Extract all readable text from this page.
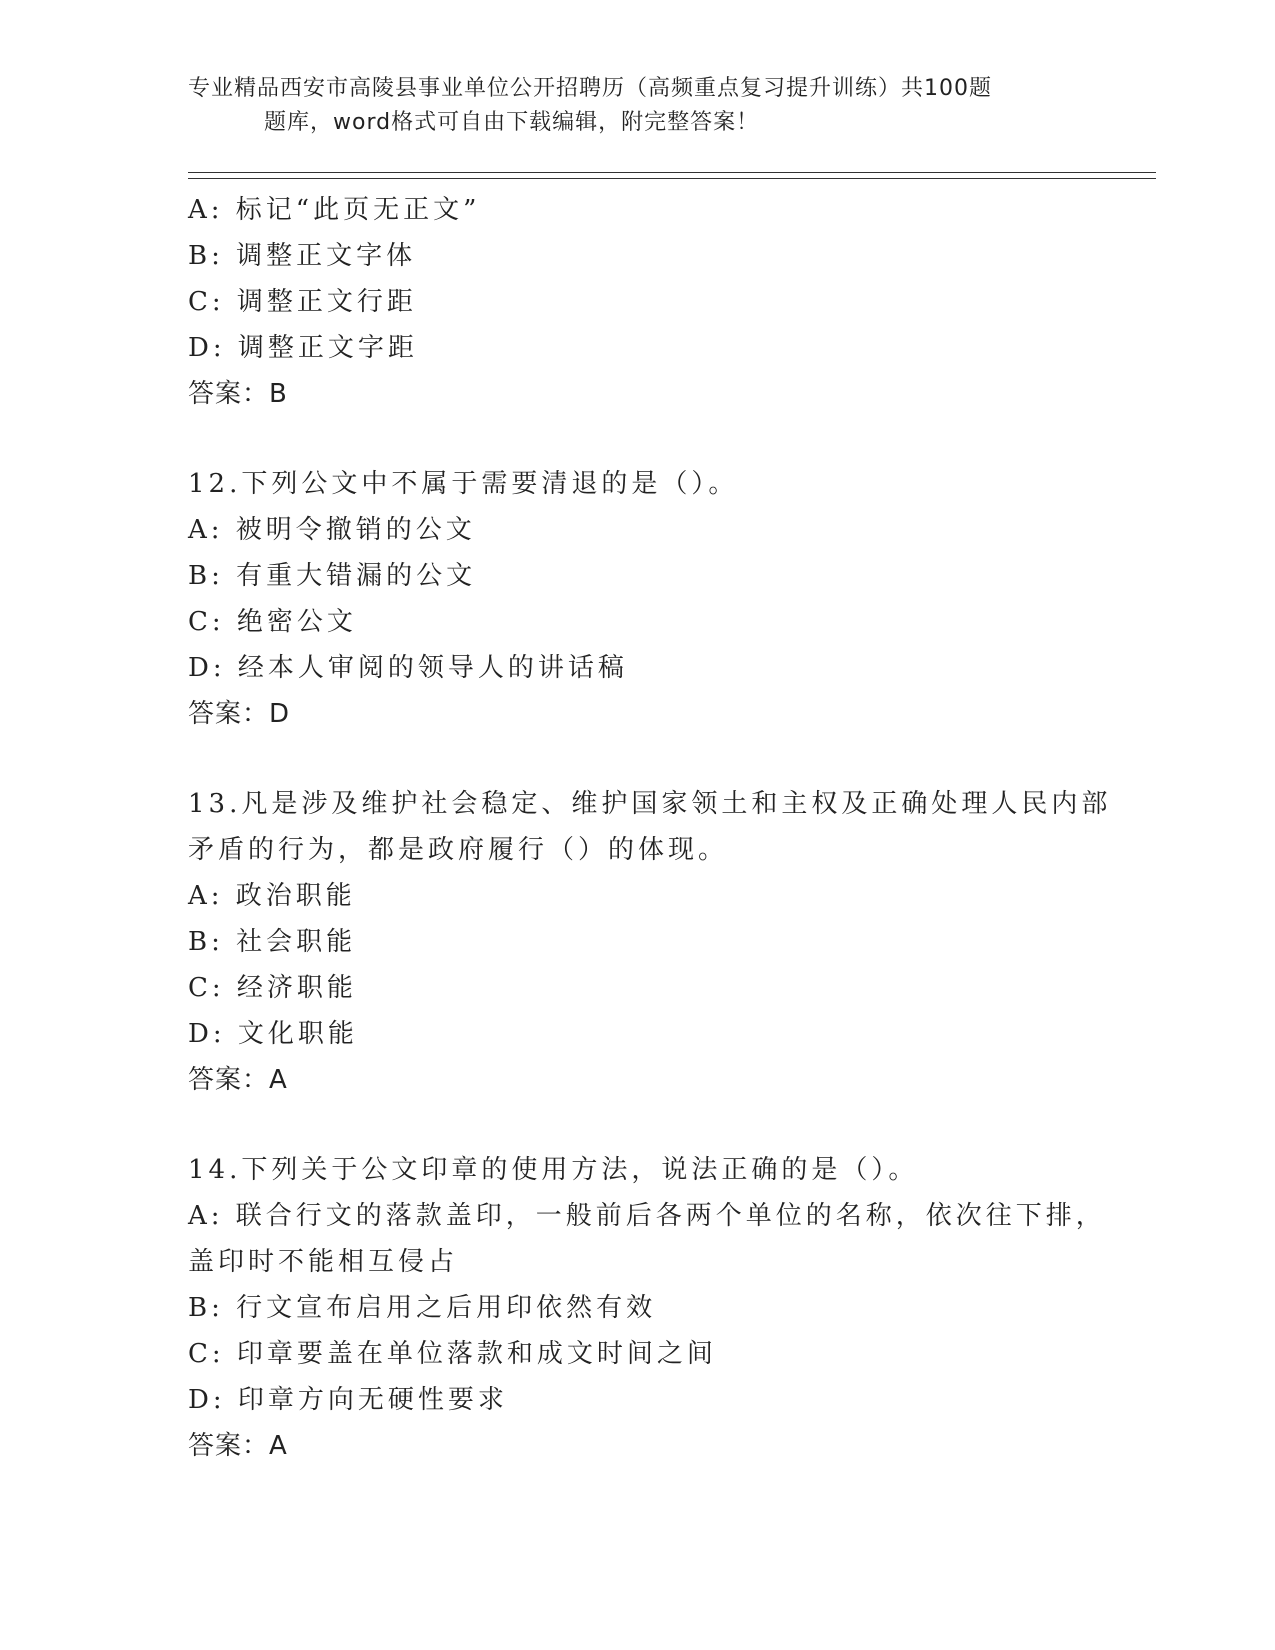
专业精品西安市高陵县事业单位公开招聘历（高频重点复习提升训练）共100题
题库，word格式可自由下载编辑，附完整答案！
A: 标记“此页无正文”
B: 调整正文字体
C: 调整正文行距
D: 调整正文字距
答案：B
12.下列公文中不属于需要清退的是（）。
A: 被明令撤销的公文
B: 有重大错漏的公文
C: 绝密公文
D: 经本人审阅的领导人的讲话稿
答案：D
13.凡是涉及维护社会稳定、维护国家领土和主权及正确处理人民内部
矛盾的行为，都是政府履行（）的体现。
A: 政治职能
B: 社会职能
C: 经济职能
D: 文化职能
答案：A
14.下列关于公文印章的使用方法，说法正确的是（）。
A: 联合行文的落款盖印，一般前后各两个单位的名称，依次往下排，
盖印时不能相互侵占
B: 行文宣布启用之后用印依然有效
C: 印章要盖在单位落款和成文时间之间
D: 印章方向无硬性要求
答案：A
